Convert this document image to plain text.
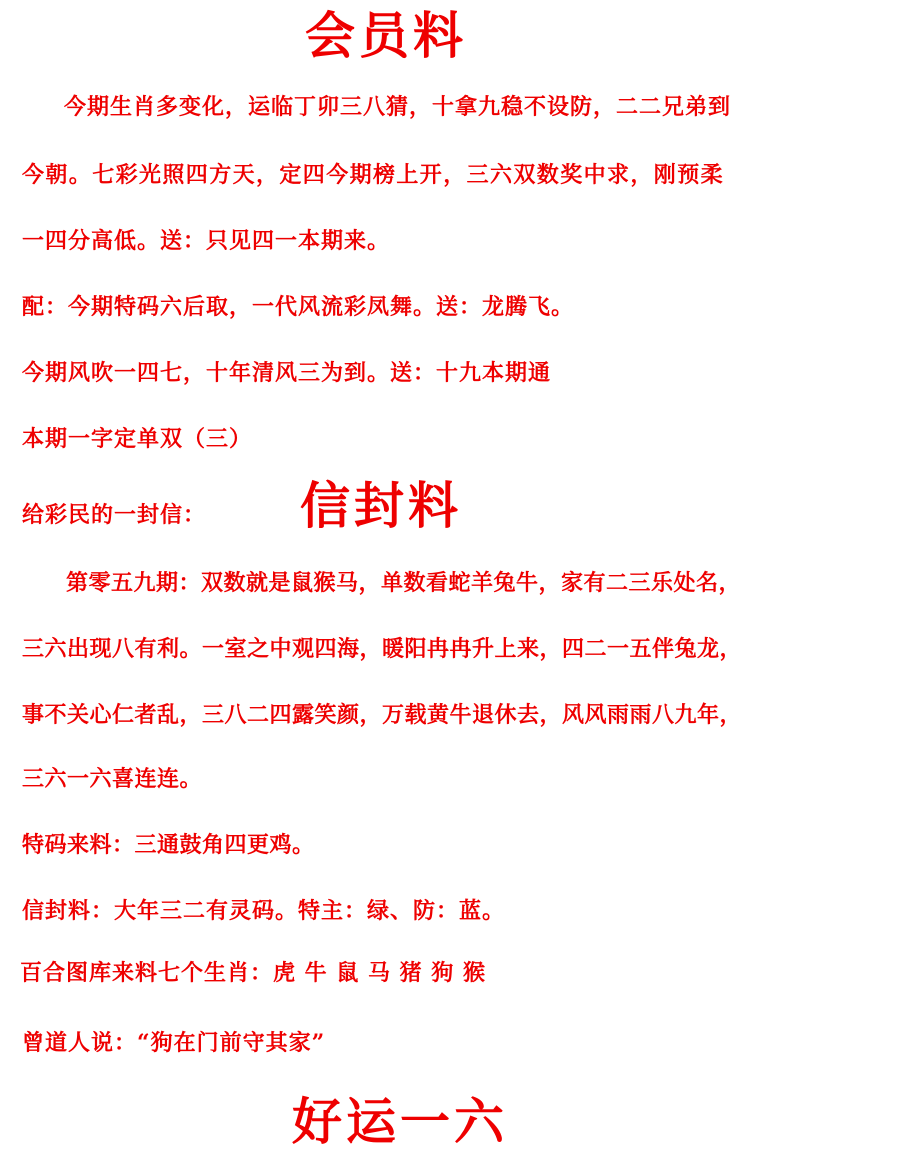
会员料
今期生肖多变化，运临丁卯三八猜，十拿九稳不设防，二二兄弟到
今朝。七彩光照四方天，定四今期榜上开，三六双数奖中求，刚预柔
一四分高低。送：只见四一本期来。
配：今期特码六后取，一代风流彩凤舞。送：龙腾飞。
今期风吹一四七，十年清风三为到。送：十九本期通
本期一字定单双（三）
给彩民的一封信： 信封料
第零五九期：双数就是鼠猴马，单数看蛇羊兔牛，家有二三乐处名，
三六出现八有利。一室之中观四海，暖阳冉冉升上来，四二一五伴兔龙，
事不关心仁者乱，三八二四露笑颜，万载黄牛退休去，风风雨雨八九年，
三六一六喜连连。
特码来料：三通鼓角四更鸡。
信封料：大年三二有灵码。特主：绿、防：蓝。
百合图库来料七个生肖：虎 牛 鼠 马 猪 狗 猴
曾道人说：“狗在门前守其家”
好运一六
